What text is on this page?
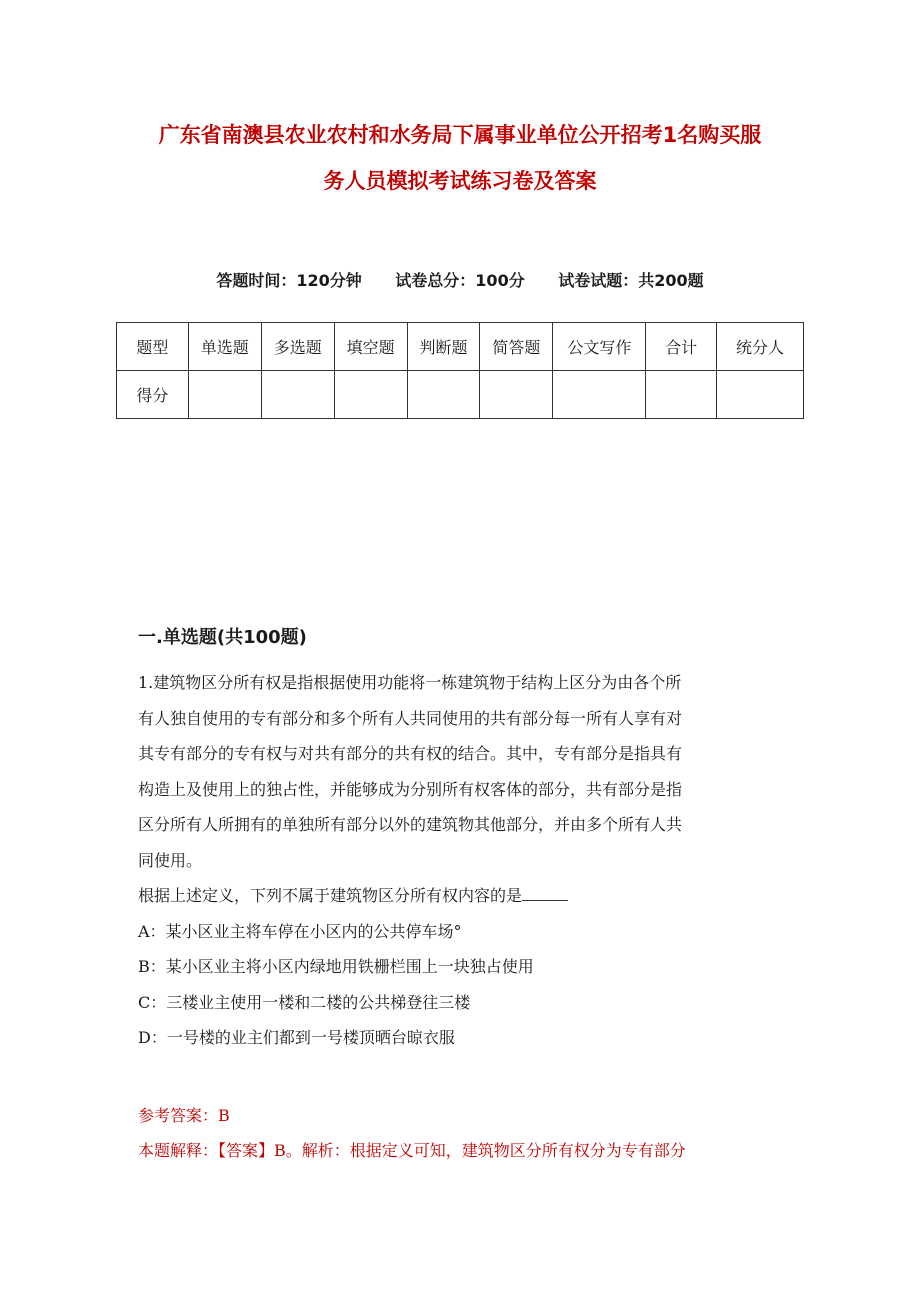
广东省南澳县农业农村和水务局下属事业单位公开招考1名购买服
务人员模拟考试练习卷及答案
答题时间：120分钟 试卷总分：100分 试卷试题：共200题
题型	单选题	多选题	填空题	判断题	简答题	公文写作	合计	统分人
得分								
一.单选题(共100题)
1.建筑物区分所有权是指根据使用功能将一栋建筑物于结构上区分为由各个所
有人独自使用的专有部分和多个所有人共同使用的共有部分每一所有人享有对
其专有部分的专有权与对共有部分的共有权的结合。其中，专有部分是指具有
构造上及使用上的独占性，并能够成为分别所有权客体的部分，共有部分是指
区分所有人所拥有的单独所有部分以外的建筑物其他部分，并由多个所有人共
同使用。
根据上述定义，下列不属于建筑物区分所有权内容的是
A：某小区业主将车停在小区内的公共停车场°
B：某小区业主将小区内绿地用铁栅栏围上一块独占使用
C：三楼业主使用一楼和二楼的公共梯登往三楼
D：一号楼的业主们都到一号楼顶晒台晾衣服
参考答案：B
本题解释：【答案】B。解析：根据定义可知，建筑物区分所有权分为专有部分
